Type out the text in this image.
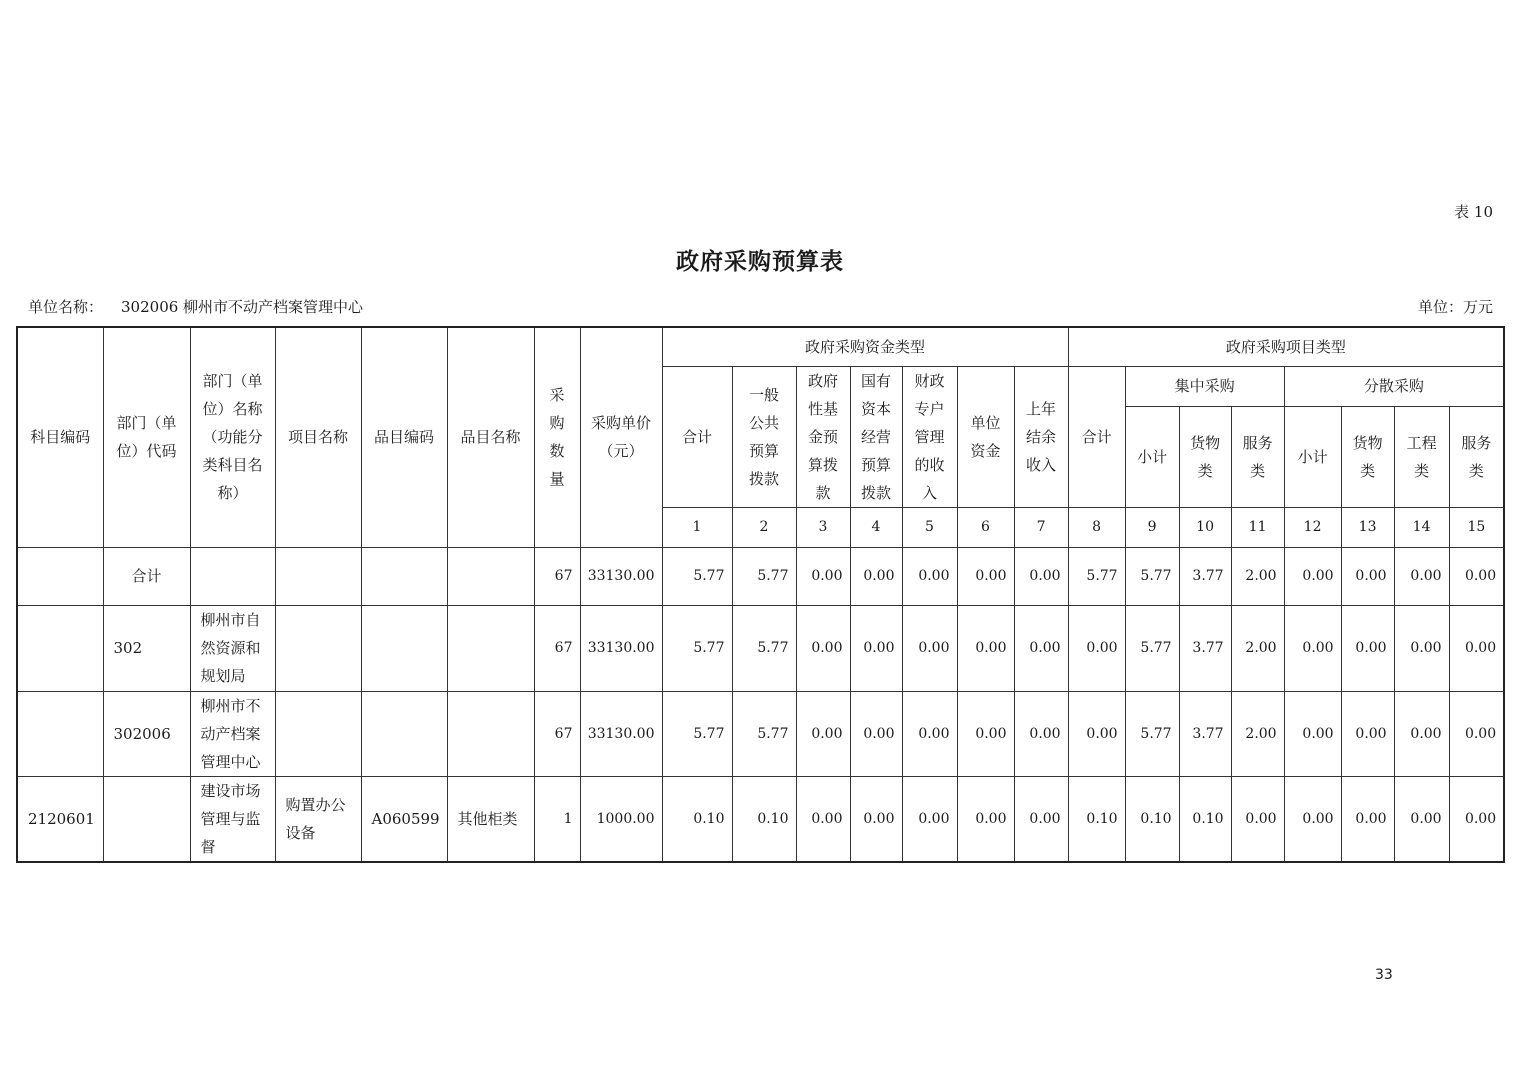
表 10
政府采购预算表
单位名称： 302006 柳州市不动产档案管理中心	单位：万元
科目编码	部门（单位）代码	部门（单位）名称（功能分类科目名称）	项目名称	品目编码	品目名称	采购数量	采购单价（元）	政府采购资金类型							政府采购项目类型							
								合计	一般公共预算拨款	政府性基金预算拨款	国有资本经营预算拨款	财政专户管理的收入	单位资金	上年结余收入	合计	集中采购			分散采购			
																小计	货物类	服务类	小计	货物类	工程类	服务类
								1	2	3	4	5	6	7	8	9	10	11	12	13	14	15
	合计					67	33130.00	5.77	5.77	0.00	0.00	0.00	0.00	0.00	5.77	5.77	3.77	2.00	0.00	0.00	0.00	0.00
	302	柳州市自然资源和规划局				67	33130.00	5.77	5.77	0.00	0.00	0.00	0.00	0.00	0.00	5.77	3.77	2.00	0.00	0.00	0.00	0.00
	302006	柳州市不动产档案管理中心				67	33130.00	5.77	5.77	0.00	0.00	0.00	0.00	0.00	0.00	5.77	3.77	2.00	0.00	0.00	0.00	0.00
2120601		建设市场管理与监督	购置办公设备	A060599	其他柜类	1	1000.00	0.10	0.10	0.00	0.00	0.00	0.00	0.00	0.10	0.10	0.10	0.00	0.00	0.00	0.00	0.00
33
